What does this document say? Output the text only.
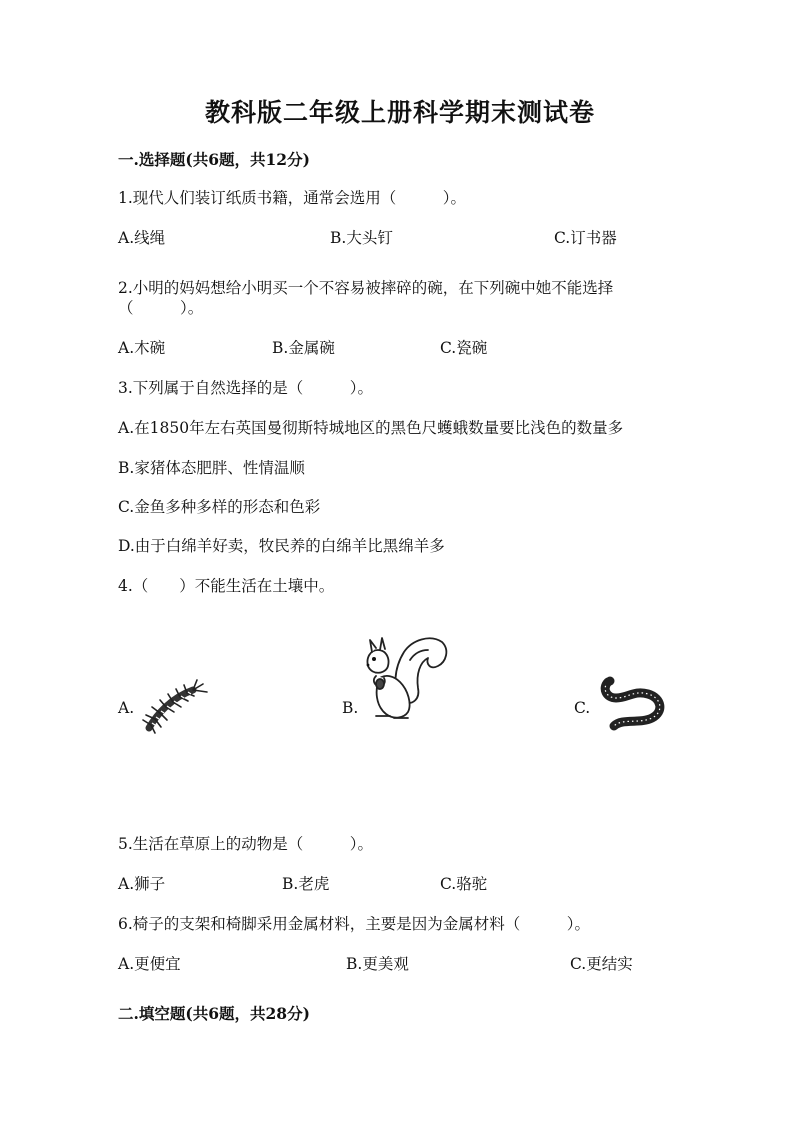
教科版二年级上册科学期末测试卷
一.选择题(共6题，共12分)
1.现代人们装订纸质书籍，通常会选用（　　　）。
A.线绳	B.大头钉	C.订书器
2.小明的妈妈想给小明买一个不容易被摔碎的碗，在下列碗中她不能选择
（　　　）。
A.木碗	B.金属碗	C.瓷碗
3.下列属于自然选择的是（　　　）。
A.在1850年左右英国曼彻斯特城地区的黑色尺蠖蛾数量要比浅色的数量多
B.家猪体态肥胖、性情温顺
C.金鱼多种多样的形态和色彩
D.由于白绵羊好卖，牧民养的白绵羊比黑绵羊多
4.（　　）不能生活在土壤中。
A.	B.	C.
5.生活在草原上的动物是（　　　）。
A.狮子	B.老虎	C.骆驼
6.椅子的支架和椅脚采用金属材料，主要是因为金属材料（　　　）。
A.更便宜	B.更美观	C.更结实
二.填空题(共6题，共28分)
